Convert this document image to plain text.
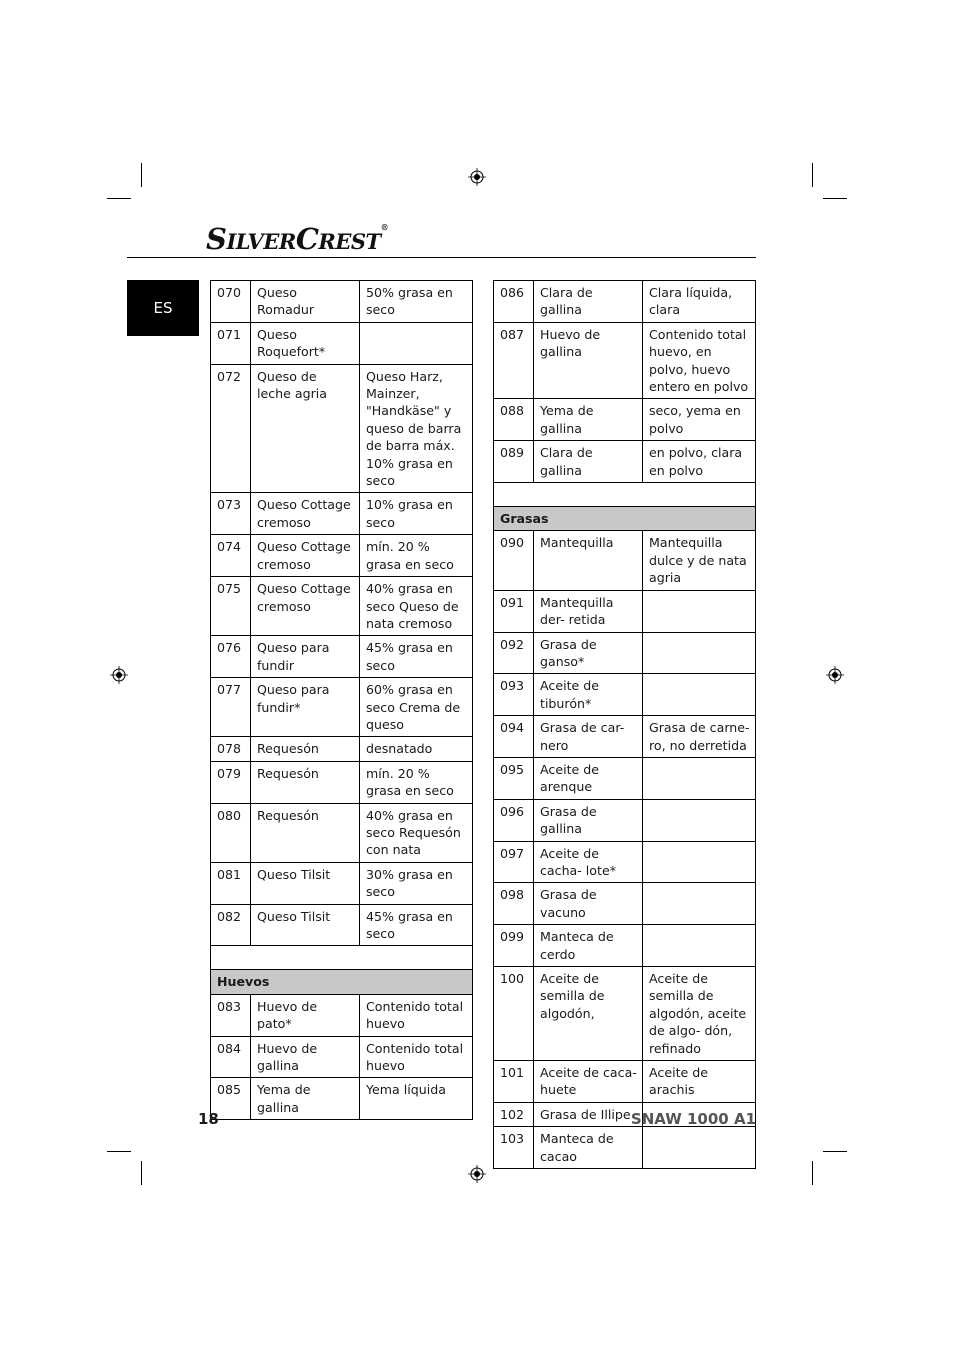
SILVERCREST®
ES
070	Queso Romadur	50% grasa en seco
071	Queso Roquefort*	
072	Queso de leche agria	Queso Harz, Mainzer, "Handkäse" y queso de barra de barra máx. 10% grasa en seco
073	Queso Cottage cremoso	10% grasa en seco
074	Queso Cottage cremoso	mín. 20 % grasa en seco
075	Queso Cottage cremoso	40% grasa en seco Queso de nata cremoso
076	Queso para fundir	45% grasa en seco
077	Queso para fundir*	60% grasa en seco Crema de queso
078	Requesón	desnatado
079	Requesón	mín. 20 % grasa en seco
080	Requesón	40% grasa en seco Requesón con nata
081	Queso Tilsit	30% grasa en seco
082	Queso Tilsit	45% grasa en seco

Huevos		
083	Huevo de pato*	Contenido total huevo
084	Huevo de gallina	Contenido total huevo
085	Yema de gallina	Yema líquida
086	Clara de gallina	Clara líquida, clara
087	Huevo de gallina	Contenido total huevo, en polvo, huevo entero en polvo
088	Yema de gallina	seco, yema en polvo
089	Clara de gallina	en polvo, clara en polvo

Grasas		
090	Mantequilla	Mantequilla dulce y de nata agria
091	Mantequilla der- retida	
092	Grasa de ganso*	
093	Aceite de tiburón*	
094	Grasa de car- nero	Grasa de carne- ro, no derretida
095	Aceite de arenque	
096	Grasa de gallina	
097	Aceite de cacha- lote*	
098	Grasa de vacuno	
099	Manteca de cerdo	
100	Aceite de semilla de algodón,	Aceite de semilla de algodón, aceite de algo- dón, refinado
101	Aceite de caca- huete	Aceite de arachis
102	Grasa de Illipe	
103	Manteca de cacao	
18	SNAW 1000 A1
